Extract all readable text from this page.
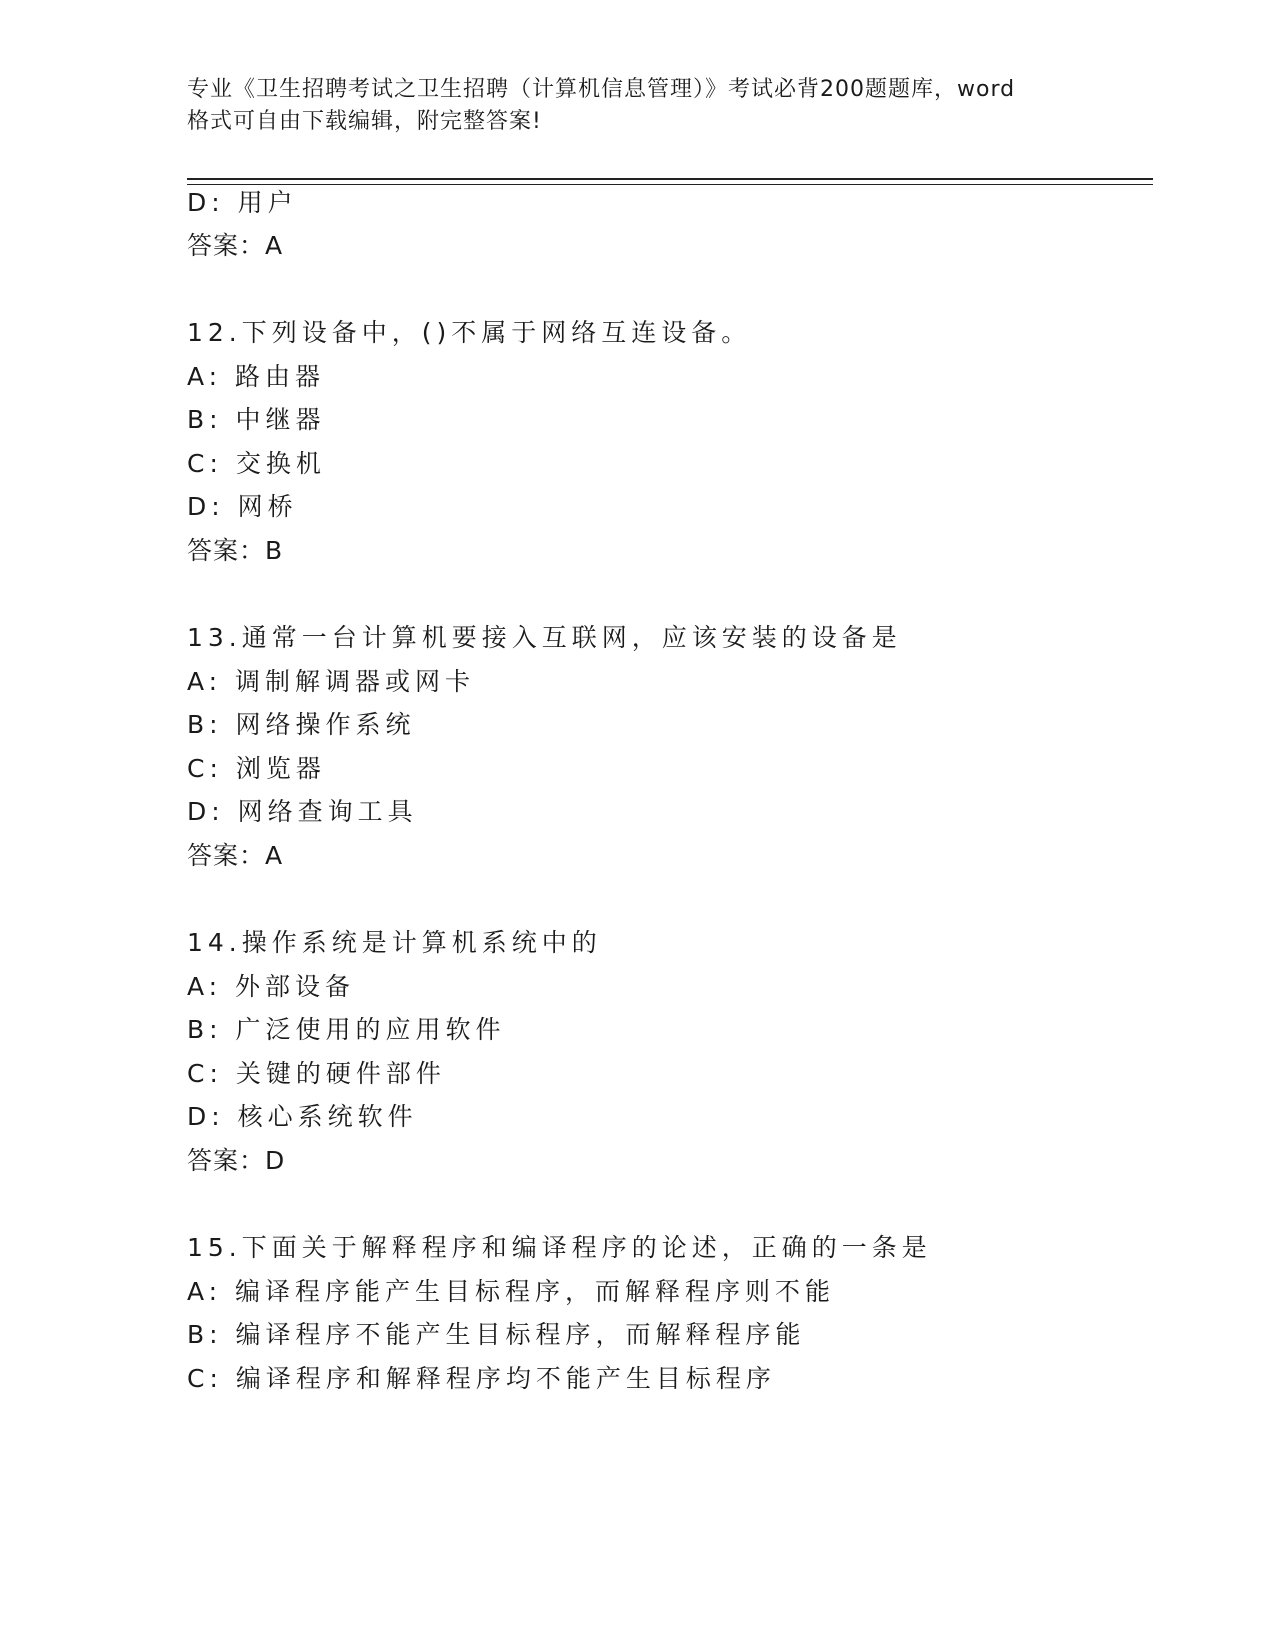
专业《卫生招聘考试之卫生招聘（计算机信息管理）》考试必背200题题库，word
格式可自由下载编辑，附完整答案!
D: 用户
答案：A
12.下列设备中，()不属于网络互连设备。
A: 路由器
B: 中继器
C: 交换机
D: 网桥
答案：B
13.通常一台计算机要接入互联网，应该安装的设备是
A: 调制解调器或网卡
B: 网络操作系统
C: 浏览器
D: 网络查询工具
答案：A
14.操作系统是计算机系统中的
A: 外部设备
B: 广泛使用的应用软件
C: 关键的硬件部件
D: 核心系统软件
答案：D
15.下面关于解释程序和编译程序的论述，正确的一条是
A: 编译程序能产生目标程序，而解释程序则不能
B: 编译程序不能产生目标程序，而解释程序能
C: 编译程序和解释程序均不能产生目标程序
